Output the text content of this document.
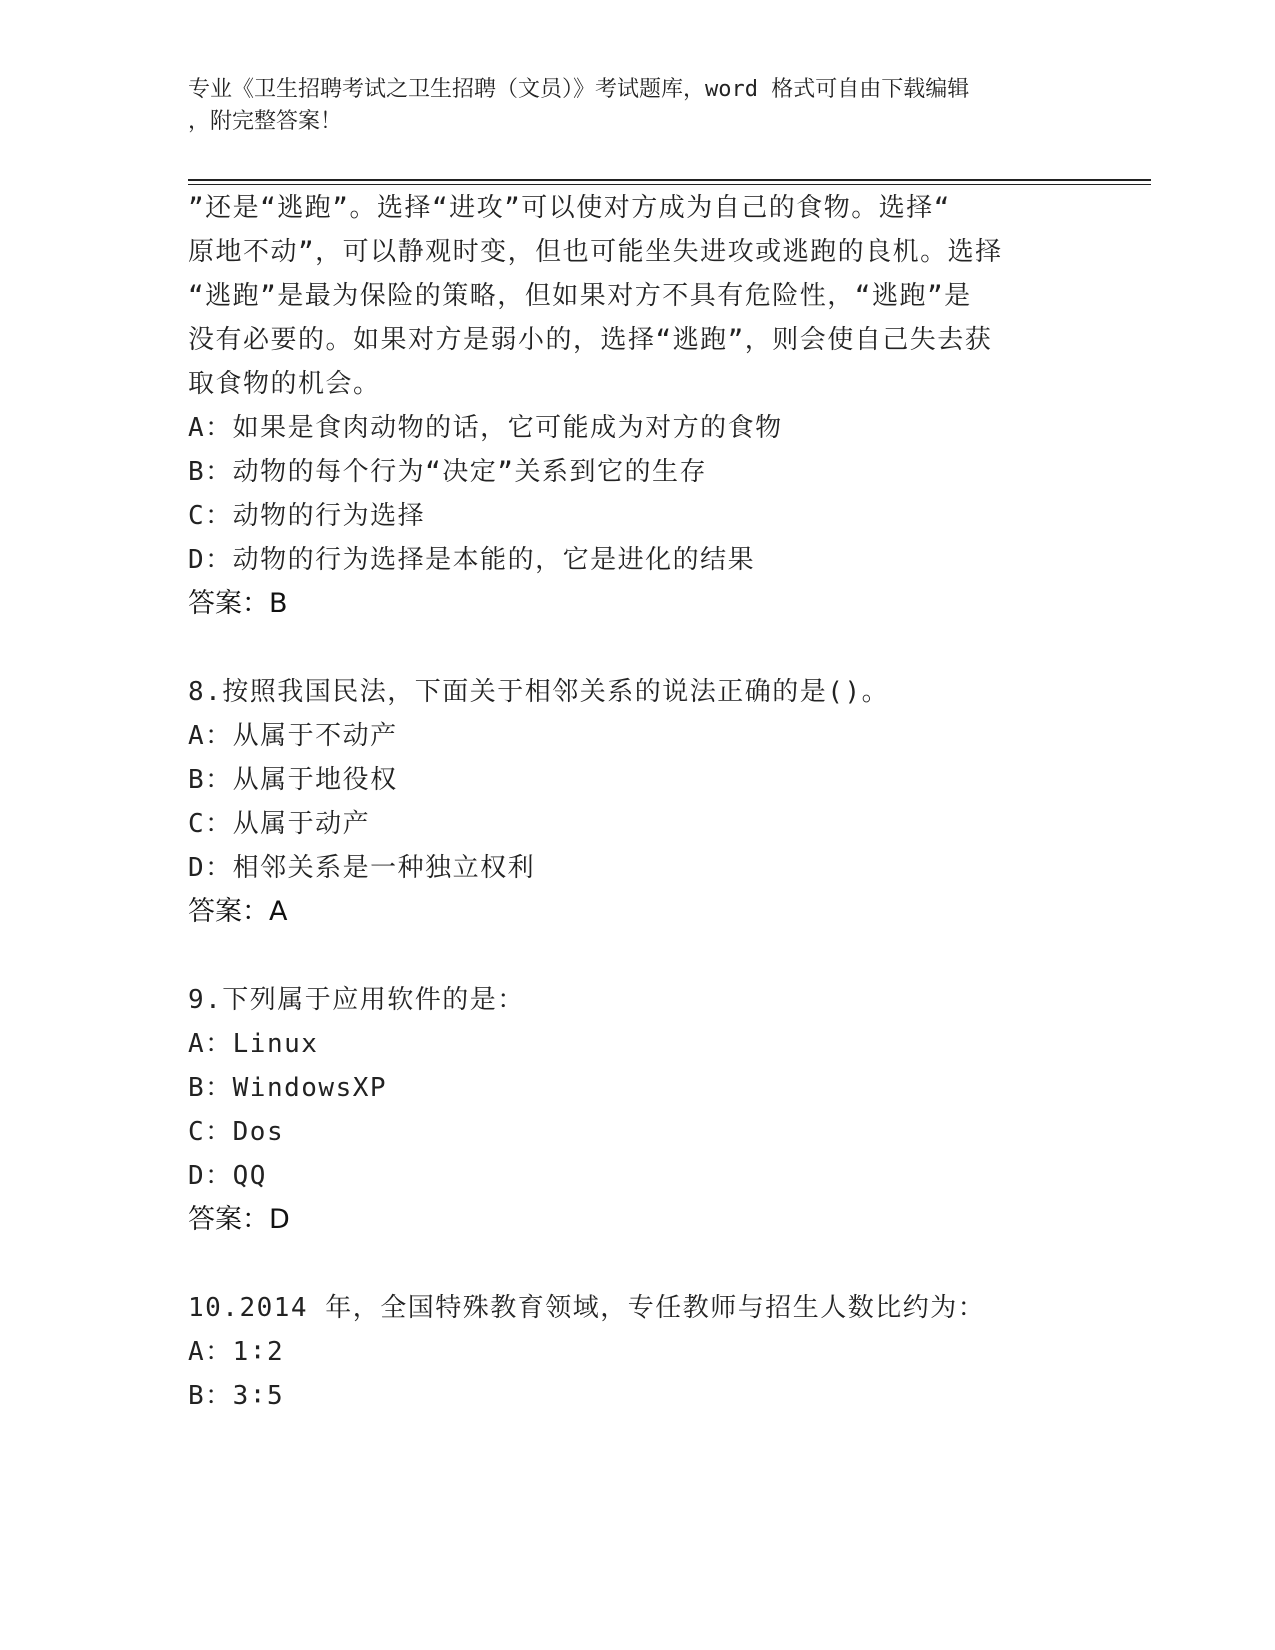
专业《卫生招聘考试之卫生招聘（文员）》考试题库，word 格式可自由下载编辑
，附完整答案！
”还是“逃跑”。选择“进攻”可以使对方成为自己的食物。选择“
原地不动”，可以静观时变，但也可能坐失进攻或逃跑的良机。选择
“逃跑”是最为保险的策略，但如果对方不具有危险性，“逃跑”是
没有必要的。如果对方是弱小的，选择“逃跑”，则会使自己失去获
取食物的机会。
A：如果是食肉动物的话，它可能成为对方的食物
B：动物的每个行为“决定”关系到它的生存
C：动物的行为选择
D：动物的行为选择是本能的，它是进化的结果
答案：B
8.按照我国民法，下面关于相邻关系的说法正确的是()。
A：从属于不动产
B：从属于地役权
C：从属于动产
D：相邻关系是一种独立权利
答案：A
9.下列属于应用软件的是：
A：Linux
B：WindowsXP
C：Dos
D：QQ
答案：D
10.2014 年，全国特殊教育领域，专任教师与招生人数比约为：
A：1∶2
B：3∶5
